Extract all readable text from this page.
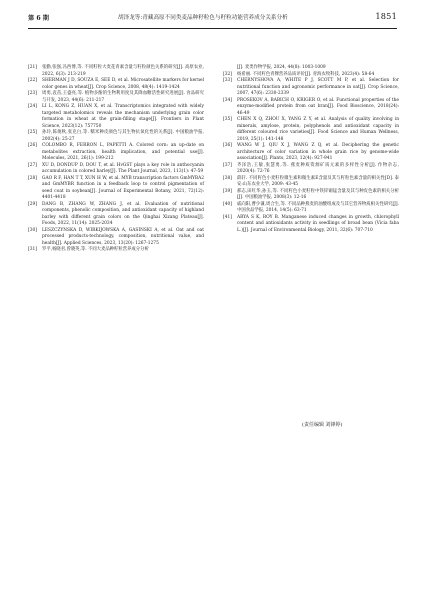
第 6 期	胡泽龙等:青藏高原不同类麦品种籽粒色与籽粒功能营养成分关系分析	1851
[21] 张勤,张强,冯西博,等. 不同籽粒大麦花青素含量与籽粒颜色关系的研究[J]. 高原农业, 2022, 6(3): 213-219
[22] SHERMAN J D, SOUZA E, SEE D, et al. Microsatellite markers for kernel color genes in wheat[J]. Crop Science, 2008, 48(4): 1419-1424
[23] 周勇,袁苗,王盛亮,等. 植物多酚的生物利用度及其降血糖活性研究进展[J]. 食品研究与开发, 2023, 44(6): 211-217
[24] LI L, KONG Z, HUAN X, et al. Transcriptomics integrated with widely targeted metabolomics reveals the mechanism underlying grain color formation in wheat at the grain-filling stage[J]. Frontiers in Plant Science, 2023(12): 757750
[25] 孙玲,陈俊秋,张克白,等. 糯米种皮颜色与其生物抗氧化性的关系[J]. 中国粮油学报, 2002(4): 25-27
[26] COLOMBO R, FERRON L, PAPETTI A. Colored corn: an up-date on metabolites extraction, health implication, and potential use[J]. Molecules, 2021, 26(1): 199-212
[27] XU D, DONDUP D, DOU T, et al. HvGST plays a key role in anthocyanin accumulation in colored barley[J]. The Plant Journal, 2023, 113(1): 47-59
[28] GAO R F, HAN T T, XUN H W, et al. MYB transcription factors GmMYBA2 and GmMYBR function in a feedback loop to control pigmentation of seed coat in soybean[J]. Journal of Experimental Botany, 2021, 72(12): 4401-4418
[29] DANG B, ZHANG W, ZHANG J, et al. Evaluation of nutritional components, phenolic composition, and antioxidant capacity of highland barley with different grain colors on the Qinghai Xizang Plateau[J]. Foods, 2022, 11(14): 2025-2034
[30] LESZCZYNSKA D, WIRKIJOWSKA A, GASINSKI A, et al. Oat and oat processed products-technology, composition, nutritional value, and health[J]. Applied Sciences, 2023, 13(20): 1267-1275
[31] 罗平,杨晓君,曾晓英,等. 不同大麦品种籽粒营养成分分析
[J]. 麦类作物学报, 2024, 44(8): 1003-1009
[32] 杨希丽. 不同籽色青稞营养品质评价[J]. 青海农牧科技, 2023(4): 58-64
[33] CHERNYSHOVA A, WHITE P J, SCOTT M P, et al. Selection for nutritional function and agronomic performance in oat[J]. Crop Science, 2007, 47(6): 2330-2339
[34] PROSEKOV A, BABICH O, KRIGER O, et al. Functional properties of the enzyme-modified protein from oat bran[J]. Food Bioscience, 2018(24): 46-49
[35] CHEN X Q, ZHOU X, YANG Z Y, et al. Analysis of quality involving in minerals, amylose, protein, polyphenols and antioxidant capacity in different coloured rice varieties[J]. Food Science and Human Wellness, 2019, 25(1): 141-148
[36] WANG W J, QIU X J, WANG Z Q, et al. Deciphering the genetic architecture of color variation in whole grain rice by genome-wide association[J]. Plants, 2023, 12(4): 927-941
[37] 齐泽浩,王敏,张慧勇,等. 燕麦种质资源矿质元素的多样性分析[J]. 作物杂志, 2020(4): 72-76
[38] 薛轩. 不同籽色小麦籽粒微生素和微生素E含量及其与籽粒色素含量的相关性[D]. 泰安:山东农业大学, 2009: 43-45
[39] 郝志,田红华,孙玉,等. 不同籽色小麦籽粒中铁锌铜锰含量及其与种皮色素的相关分析[J]. 中国粮油学报, 2008(3): 12-16
[40] 戚向阳,曹少谦,周合生,等. 不同品种燕麦的油酸组成及与其它营养物质相关性研究[J]. 中国食品学报, 2014, 14(5): 63-71
[41] ARYA S K, ROY B. Manganese induced changes in growth, chlorophyll content and antioxidants activity in seedlings of broad bean (Vicia faba L.)[J]. Journal of Environmental Biology, 2011, 32(6): 707-710
(责任编辑 刘锋婷)
